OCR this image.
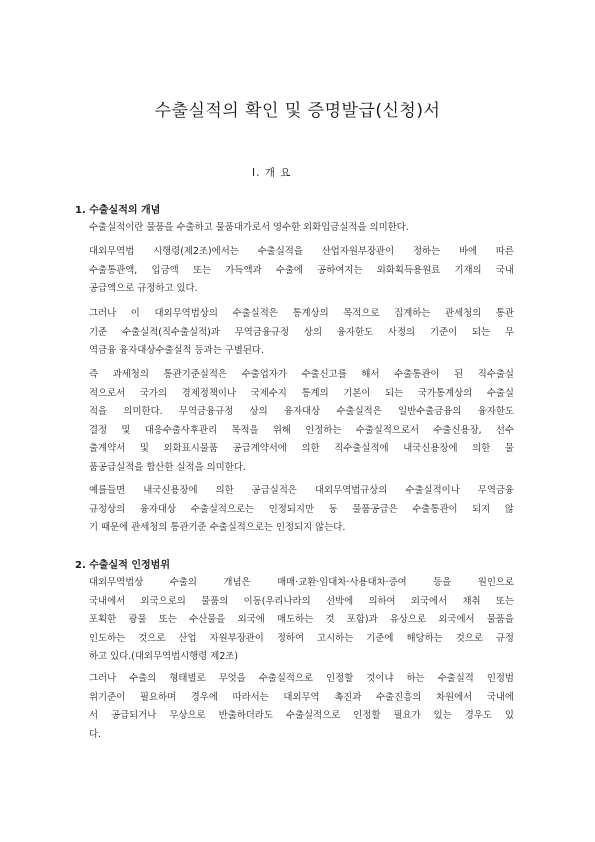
수출실적의 확인 및 증명발급(신청)서
Ⅰ. 개 요
1. 수출실적의 개념
수출실적이란 물품을 수출하고 물품대가로서 영수한 외화입금실적을 의미한다.
대외무역법 시행령(제2조)에서는 수출실적을 산업자원부장관이 정하는 바에 따른
수출통관액, 입금액 또는 가득액과 수출에 공하여지는 외화획득용원료 기재의 국내
공급액으로 규정하고 있다.
그러나 이 대외무역법상의 수출실적은 통계상의 목적으로 집계하는 관세청의 통관
기준 수출실적(직수출실적)과 무역금융규정 상의 융자한도 사정의 기준이 되는 무
역금융 융자대상수출실적 등과는 구별된다.
즉 과세청의 통관기준실적은 수출업자가 수출신고를 해서 수출통관이 된 직수출실
적으로서 국가의 경제정책이나 국제수지 통계의 기본이 되는 국가통계상의 수출실
적을 의미한다. 무역금융규정 상의 융자대상 수출실적은 일반수출금융의 융자한도
결정 및 대응수출사후관리 목적을 위해 인정하는 수출실적으로서 수출신용장, 선수
출계약서 및 외화표시물품 공급계약서에 의한 직수출실적에 내국신용장에 의한 물
품공급실적을 합산한 실적을 의미한다.
예를들면 내국신용장에 의한 공급실적은 대외무역법규상의 수출실적이나 무역금융
규정상의 융자대상 수출실적으로는 인정되지만 동 물품공급은 수출통관이 되지 않
기 때문에 관세청의 통관기준 수출실적으로는 인정되지 않는다.
2. 수출실적 인정범위
대외무역법상 수출의 개념은 매매·교환·임대차·사용대차·증여 등을 원인으로
국내에서 외국으로의 물품의 이동(우리나라의 선박에 의하여 외국에서 채취 또는
포획한 광물 또는 수산물을 외국에 매도하는 것 포함)과 유상으로 외국에서 물품을
인도하는 것으로 산업 자원부장관이 정하여 고시하는 기준에 해당하는 것으로 규정
하고 있다.(대외무역법시행령 제2조)
그러나 수출의 형태별로 무엇을 수출실적으로 인정할 것이냐 하는 수출실적 인정범
위기준이 필요하며 경우에 따라서는 대외무역 촉진과 수출진흥의 차원에서 국내에
서 공급되거나 무상으로 반출하더라도 수출실적으로 인정할 필요가 있는 경우도 있
다.
